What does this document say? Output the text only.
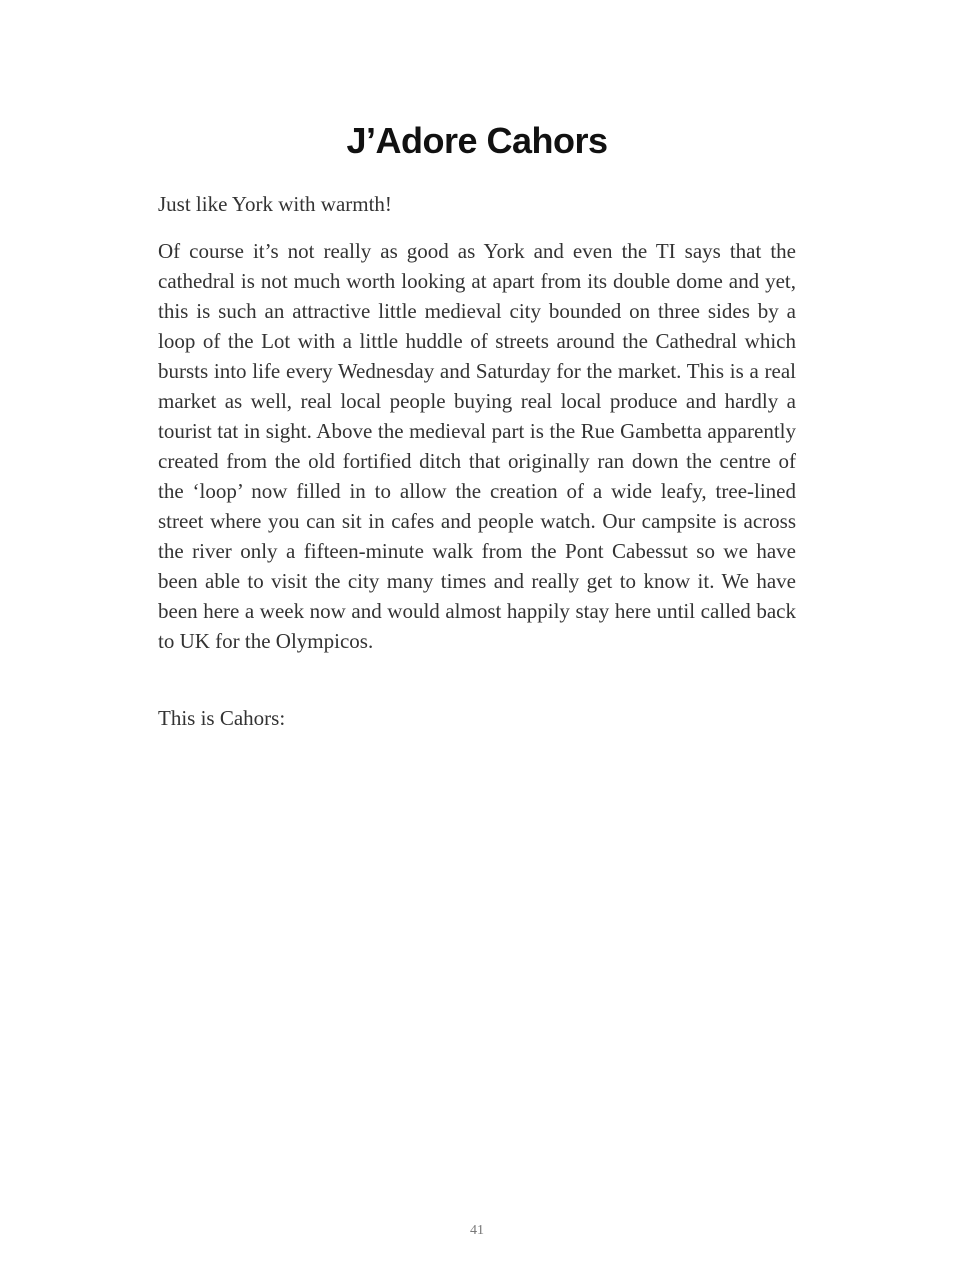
J’Adore Cahors

Just like York with warmth!

Of course it’s not really as good as York and even the TI says that the cathedral is not much worth looking at apart from its double dome and yet, this is such an attractive little medieval city bounded on three sides by a loop of the Lot with a little huddle of streets around the Cathedral which bursts into life every Wednesday and Saturday for the market. This is a real market as well, real local people buying real local produce and hardly a tourist tat in sight. Above the medieval part is the Rue Gambetta apparently created from the old fortified ditch that originally ran down the centre of the ‘loop’ now filled in to allow the creation of a wide leafy, tree-lined street where you can sit in cafes and people watch. Our campsite is across the river only a fifteen-minute walk from the Pont Cabessut so we have been able to visit the city many times and really get to know it. We have been here a week now and would almost happily stay here until called back to UK for the Olympicos.

This is Cahors:

41
